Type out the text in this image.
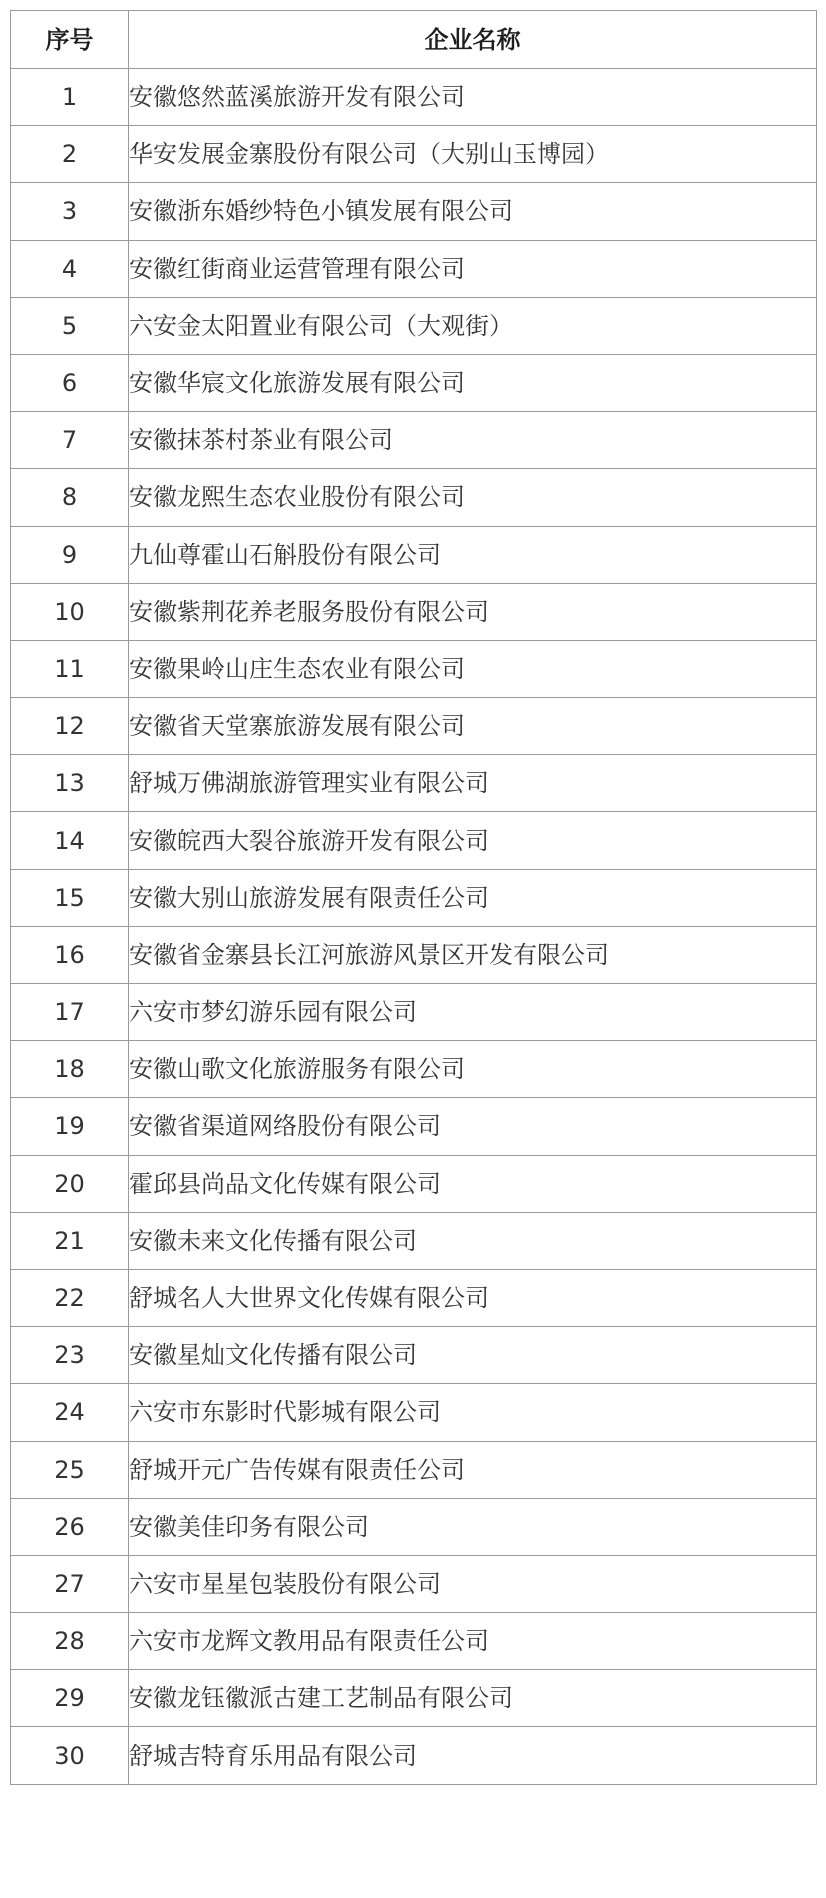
序号	企业名称
1	安徽悠然蓝溪旅游开发有限公司
2	华安发展金寨股份有限公司（大别山玉博园）
3	安徽浙东婚纱特色小镇发展有限公司
4	安徽红街商业运营管理有限公司
5	六安金太阳置业有限公司（大观街）
6	安徽华宸文化旅游发展有限公司
7	安徽抹茶村茶业有限公司
8	安徽龙熙生态农业股份有限公司
9	九仙尊霍山石斛股份有限公司
10	安徽紫荆花养老服务股份有限公司
11	安徽果岭山庄生态农业有限公司
12	安徽省天堂寨旅游发展有限公司
13	舒城万佛湖旅游管理实业有限公司
14	安徽皖西大裂谷旅游开发有限公司
15	安徽大别山旅游发展有限责任公司
16	安徽省金寨县长江河旅游风景区开发有限公司
17	六安市梦幻游乐园有限公司
18	安徽山歌文化旅游服务有限公司
19	安徽省渠道网络股份有限公司
20	霍邱县尚品文化传媒有限公司
21	安徽未来文化传播有限公司
22	舒城名人大世界文化传媒有限公司
23	安徽星灿文化传播有限公司
24	六安市东影时代影城有限公司
25	舒城开元广告传媒有限责任公司
26	安徽美佳印务有限公司
27	六安市星星包装股份有限公司
28	六安市龙辉文教用品有限责任公司
29	安徽龙钰徽派古建工艺制品有限公司
30	舒城吉特育乐用品有限公司
